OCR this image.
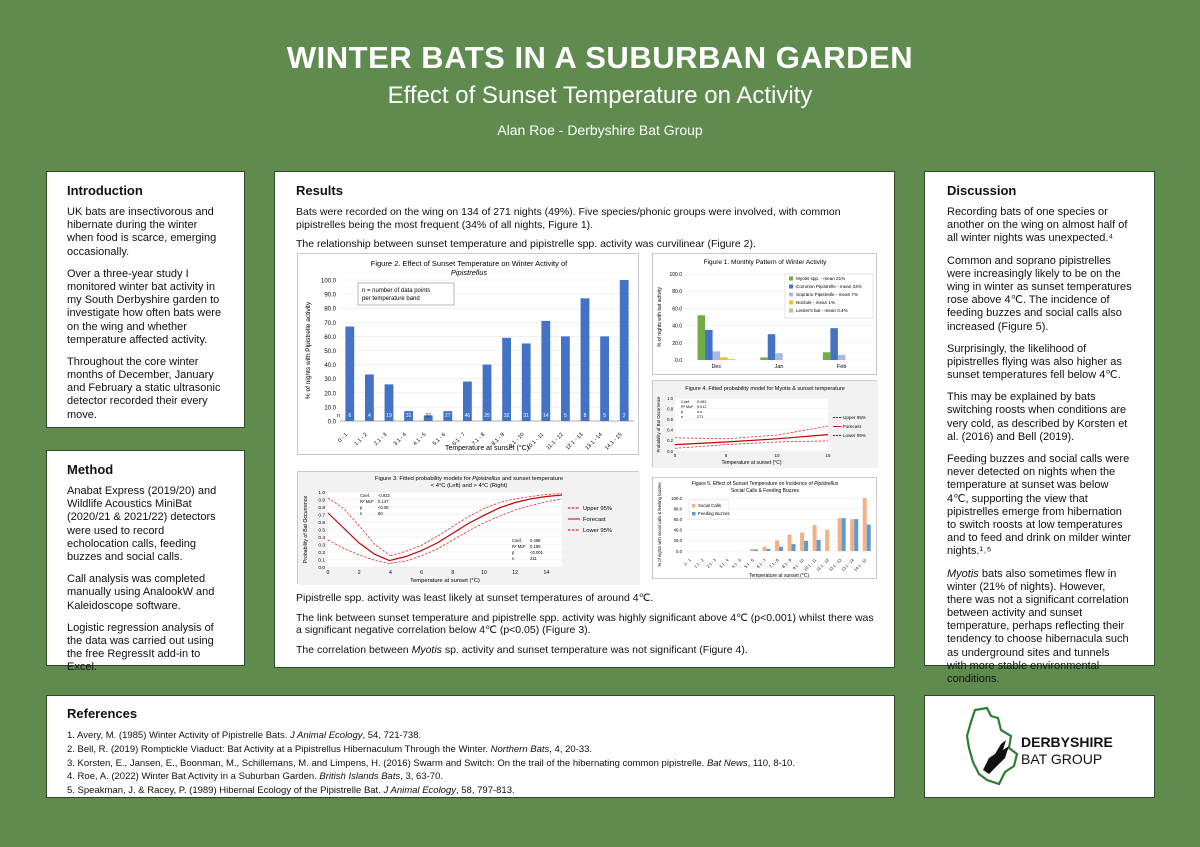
WINTER BATS IN A SUBURBAN GARDEN
Effect of Sunset Temperature on Activity
Alan Roe - Derbyshire Bat Group
Introduction

UK bats are insectivorous and hibernate during the winter when food is scarce, emerging occasionally.

Over a three-year study I monitored winter bat activity in my South Derbyshire garden to investigate how often bats were on the wing and whether temperature affected activity.

Throughout the core winter months of December, January and February a static ultrasonic detector recorded their every move.

Method

Anabat Express (2019/20) and Wildlife Acoustics MiniBat (2020/21 & 2021/22) detectors were used to record echolocation calls, feeding buzzes and social calls.

Call analysis was completed manually using AnalookW and Kaleidoscope software.

Logistic regression analysis of the data was carried out using the free RegressIt add-in to Excel.

Results

Bats were recorded on the wing on 134 of 271 nights (49%). Five species/phonic groups were involved, with common pipistrelles being the most frequent (34% of all nights, Figure 1).

The relationship between sunset temperature and pipistrelle spp. activity was curvilinear (Figure 2).

Pipistrelle spp. activity was least likely at sunset temperatures of around 4℃.

The link between sunset temperature and pipistrelle spp. activity was highly significant above 4℃ (p<0.001) whilst there was a significant negative correlation below 4℃ (p<0.05) (Figure 3).

The correlation between Myotis sp. activity and sunset temperature was not significant (Figure 4).

Figure 2. Effect of Sunset Temperature on Winter Activity of
Pipistrellus
0.0
10.0
20.0
30.0
40.0
50.0
60.0
70.0
80.0
90.0
100.0
6
0 - 1
4
1.1 - 2
19
2.1 - 3
31
3.1 - 4
32
4.1 - 5
27
5.1 - 6
46
6.1 - 7
25
7.1 - 8
32
8.1 - 9
31
9.1 - 10
14
10.1 - 11
5
11.1 - 12
8
12.1 - 13
5
13.1 - 14
2
14.1 - 15
n
Temperature at sunset (°C)
% of nights with Pipistrelle activity
n = number of data points
per temperature band
Figure 1. Monthly Pattern of Winter Activity
0.0
20.0
40.0
60.0
80.0
100.0
Dec	Jan	Feb
% of nights with bat activity
Myotis spp. - mean 21%
Common Pipistrelle - mean 34%
Soprano Pipistrelle - mean 7%
Noctule - mean 1%
Leisler's bat - mean 0.4%
Figure 4. Fitted probability model for Myotis & sunset temperature
0.0
0.2
0.4
0.6
0.8
1.0
0	5	10	15
Coef. 0.081
R² McF 0.012
p	n.s.
n	271	Upper 95%
Forecast
Lower 95%
Temperature at sunset (°C)
Probability of Bat Occurrence
Figure 3. Fitted probability models for Pipistrellus and sunset temperature
< 4°C (Left) and > 4°C (Right)
0.0
0.1
0.2
0.3
0.4
0.5
0.6
0.7
0.8
0.9
1.0
0	2	4	6	8	10	12	14
Coef. -0.922
R² McF 0.147
p	<0.05
n	60
Coef. 0.498
R² McF 0.189
p	<0.001
n	211
Upper 95%
Forecast
Lower 95%
Temperature at sunset (°C)
Probability of Bat Occurrence
Figure 5. Effect of Sunset Temperature on Incidence of Pipistrellus
Social Calls & Feeding Buzzes
0.0
20.0
40.0
60.0
80.0
100.0
0 - 1 1.1 - 2 2.1 - 3 3.1 - 4 4.1 - 5 5.1 - 6 6.1 - 7 7.1 - 8 8.1 - 9 9.1 - 10
10.1 - 11
11.1 - 12
12.1 - 13
13.1 - 14
14.1 - 15
Temperature at sunset (°C)
% of nights with social calls & feeding buzzes	Social Calls
Feeding Buzzes
Discussion

Recording bats of one species or another on the wing on almost half of all winter nights was unexpected.⁴

Common and soprano pipistrelles were increasingly likely to be on the wing in winter as sunset temperatures rose above 4℃. The incidence of feeding buzzes and social calls also increased (Figure 5).

Surprisingly, the likelihood of pipistrelles flying was also higher as sunset temperatures fell below 4℃.

This may be explained by bats switching roosts when conditions are very cold, as described by Korsten et al. (2016) and Bell (2019).

Feeding buzzes and social calls were never detected on nights when the temperature at sunset was below 4℃, supporting the view that pipistrelles emerge from hibernation to switch roosts at low temperatures and to feed and drink on milder winter nights.¹˒⁵

Myotis bats also sometimes flew in winter (21% of nights). However, there was not a significant correlation between activity and sunset temperature, perhaps reflecting their tendency to choose hibernacula such as underground sites and tunnels with more stable environmental conditions.

References
1. Avery, M. (1985) Winter Activity of Pipistrelle Bats. J Animal Ecology, 54, 721-738.
2. Bell, R. (2019) Romptickle Viaduct: Bat Activity at a Pipistrellus Hibernaculum Through the Winter. Northern Bats, 4, 20-33.
3. Korsten, E., Jansen, E., Boonman, M., Schillemans, M. and Limpens, H. (2016) Swarm and Switch: On the trail of the hibernating common pipistrelle. Bat News, 110, 8-10.
4. Roe, A. (2022) Winter Bat Activity in a Suburban Garden. British Islands Bats, 3, 63-70.
5. Speakman, J. & Racey, P. (1989) Hibernal Ecology of the Pipistrelle Bat. J Animal Ecology, 58, 797-813.
DERBYSHIRE
BAT GROUP
